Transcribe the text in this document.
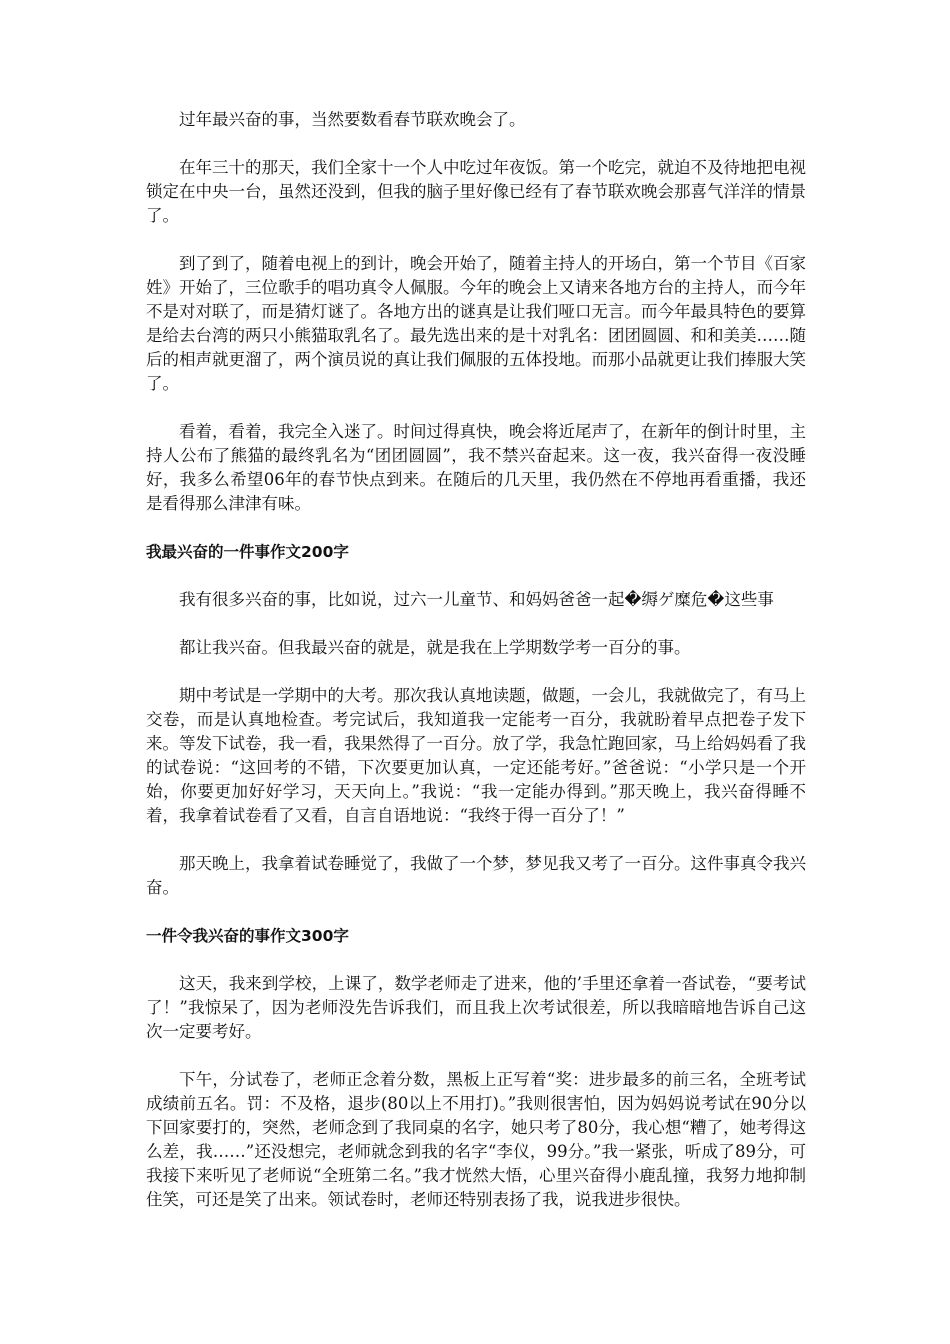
过年最兴奋的事，当然要数看春节联欢晚会了。

在年三十的那天，我们全家十一个人中吃过年夜饭。第一个吃完，就迫不及待地把电视锁定在中央一台，虽然还没到，但我的脑子里好像已经有了春节联欢晚会那喜气洋洋的情景了。

到了到了，随着电视上的到计，晚会开始了，随着主持人的开场白，第一个节目《百家姓》开始了，三位歌手的唱功真令人佩服。今年的晚会上又请来各地方台的主持人，而今年不是对对联了，而是猜灯谜了。各地方出的谜真是让我们哑口无言。而今年最具特色的要算是给去台湾的两只小熊猫取乳名了。最先选出来的是十对乳名：团团圆圆、和和美美……随后的相声就更溜了，两个演员说的真让我们佩服的五体投地。而那小品就更让我们捧服大笑了。

看着，看着，我完全入迷了。时间过得真快，晚会将近尾声了，在新年的倒计时里，主持人公布了熊猫的最终乳名为“团团圆圆”，我不禁兴奋起来。这一夜，我兴奋得一夜没睡好，我多么希望06年的春节快点到来。在随后的几天里，我仍然在不停地再看重播，我还是看得那么津津有味。

我最兴奋的一件事作文200字

我有很多兴奋的事，比如说，过六一儿童节、和妈妈爸爸一起�缛ゲ糜危�这些事

都让我兴奋。但我最兴奋的就是，就是我在上学期数学考一百分的事。

期中考试是一学期中的大考。那次我认真地读题，做题，一会儿，我就做完了，有马上交卷，而是认真地检查。考完试后，我知道我一定能考一百分，我就盼着早点把卷子发下来。等发下试卷，我一看，我果然得了一百分。放了学，我急忙跑回家，马上给妈妈看了我的试卷说：“这回考的不错，下次要更加认真，一定还能考好。”爸爸说：“小学只是一个开始，你要更加好好学习，天天向上。”我说：“我一定能办得到。”那天晚上，我兴奋得睡不着，我拿着试卷看了又看，自言自语地说：“我终于得一百分了！”

那天晚上，我拿着试卷睡觉了，我做了一个梦，梦见我又考了一百分。这件事真令我兴奋。

一件令我兴奋的事作文300字

这天，我来到学校，上课了，数学老师走了进来，他的’手里还拿着一沓试卷，“要考试了！”我惊呆了，因为老师没先告诉我们，而且我上次考试很差，所以我暗暗地告诉自己这次一定要考好。

下午，分试卷了，老师正念着分数，黑板上正写着“奖：进步最多的前三名，全班考试成绩前五名。罚：不及格，退步(80以上不用打)。”我则很害怕，因为妈妈说考试在90分以下回家要打的，突然，老师念到了我同桌的名字，她只考了80分，我心想“糟了，她考得这么差，我……”还没想完，老师就念到我的名字“李仪，99分。”我一紧张，听成了89分，可我接下来听见了老师说“全班第二名。”我才恍然大悟，心里兴奋得小鹿乱撞，我努力地抑制住笑，可还是笑了出来。领试卷时，老师还特别表扬了我，说我进步很快。
